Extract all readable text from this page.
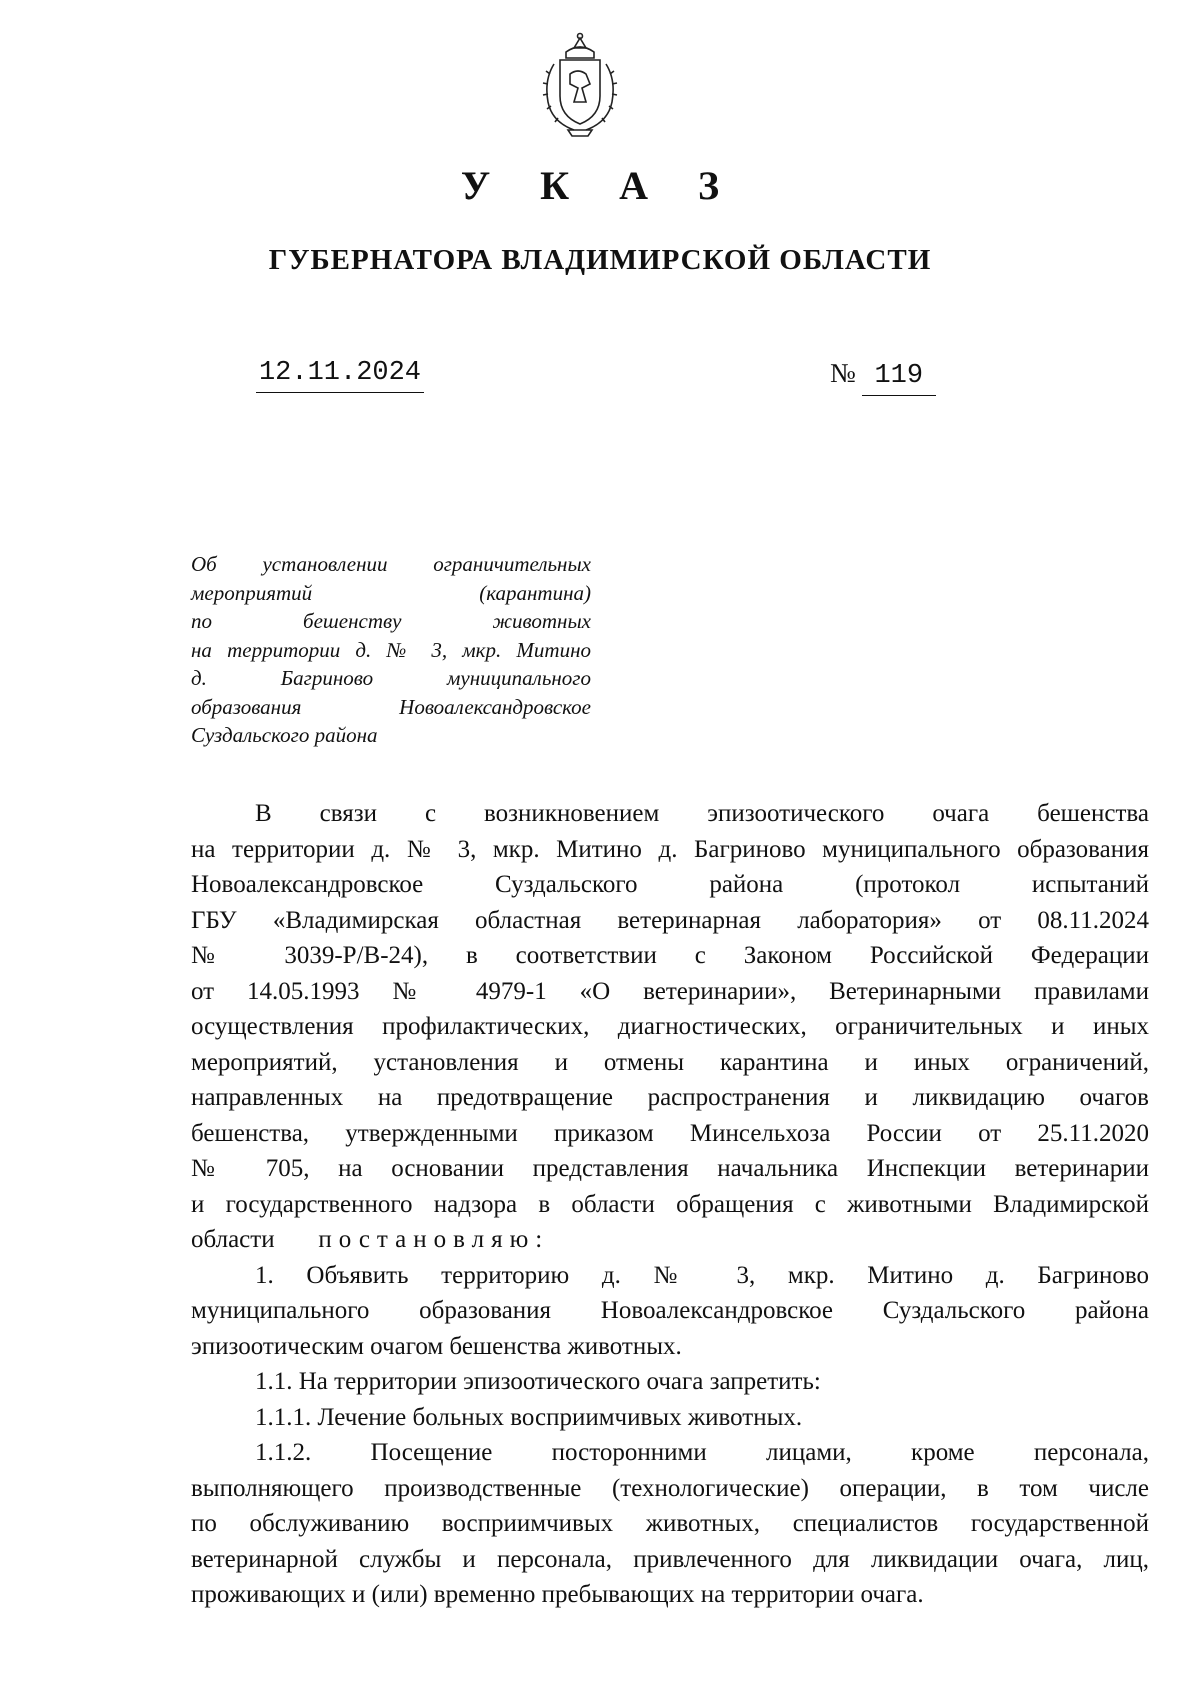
У К А З
ГУБЕРНАТОРА ВЛАДИМИРСКОЙ ОБЛАСТИ
12.11.2024	№ 119
Об установлении ограничительных
мероприятий (карантина)
по бешенству животных
на территории д. № 3, мкр. Митино
д. Багриново муниципального
образования Новоалександровское
Суздальского района
В связи с возникновением эпизоотического очага бешенства
на территории д. № 3, мкр. Митино д. Багриново муниципального образования
Новоалександровское Суздальского района (протокол испытаний
ГБУ «Владимирская областная ветеринарная лаборатория» от 08.11.2024
№ 3039-Р/В-24), в соответствии с Законом Российской Федерации
от 14.05.1993 № 4979-1 «О ветеринарии», Ветеринарными правилами
осуществления профилактических, диагностических, ограничительных и иных
мероприятий, установления и отмены карантина и иных ограничений,
направленных на предотвращение распространения и ликвидацию очагов
бешенства, утвержденными приказом Минсельхоза России от 25.11.2020
№ 705, на основании представления начальника Инспекции ветеринарии
и государственного надзора в области обращения с животными Владимирской
области постановляю:
1. Объявить территорию д. № 3, мкр. Митино д. Багриново
муниципального образования Новоалександровское Суздальского района
эпизоотическим очагом бешенства животных.
1.1. На территории эпизоотического очага запретить:
1.1.1. Лечение больных восприимчивых животных.
1.1.2. Посещение посторонними лицами, кроме персонала,
выполняющего производственные (технологические) операции, в том числе
по обслуживанию восприимчивых животных, специалистов государственной
ветеринарной службы и персонала, привлеченного для ликвидации очага, лиц,
проживающих и (или) временно пребывающих на территории очага.
